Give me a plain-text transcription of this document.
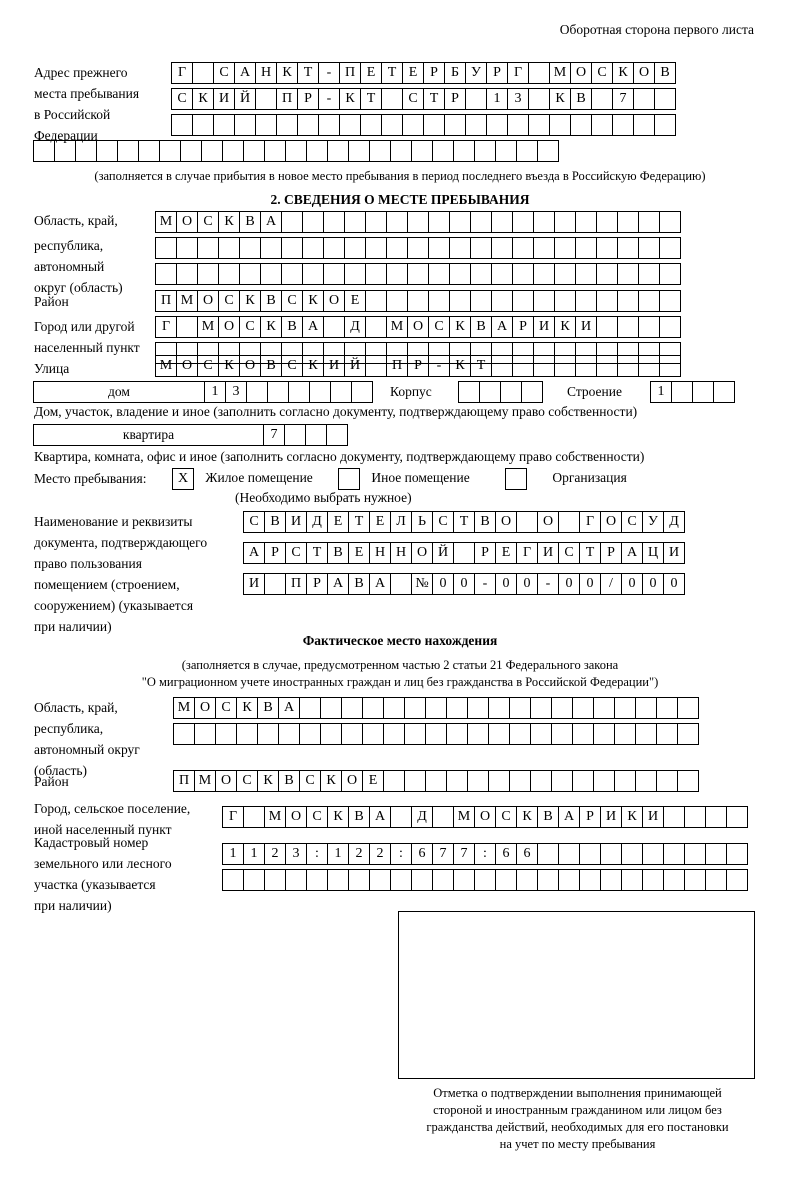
Оборотная сторона первого листа
Адрес прежнего
места пребывания
в Российской
Федерации
Г	С А Н К Т	- П Е Т Е Р Б У Р Г	М О С К О В
С К И Й	П Р	-	К Т	С Т Р	1	3	К В	7
(заполняется в случае прибытия в новое место пребывания в период последнего въезда в Российскую Федерацию)
2. СВЕДЕНИЯ О МЕСТЕ ПРЕБЫВАНИЯ
Область, край,
республика,
автономный
округ (область)
М О С К В А
Район	П М О С К В С К О Е
Город или другой
населенный пункт
Г	М О С К В А	Д	М О С К В А Р И К И
Улица	М О С К О В С К И Й	П Р	-	К Т
дом	1	3	Корпус	Строение	1
Дом, участок, владение и иное (заполнить согласно документу, подтверждающему право собственности)
квартира	7
Квартира, комната, офис и иное (заполнить согласно документу, подтверждающему право собственности)
Место пребывания:	Х Жилое помещение	Иное помещение	Организация
(Необходимо выбрать нужное)
Наименование и реквизиты
документа, подтверждающего
право пользования
помещением (строением,
сооружением) (указывается
при наличии)
С В И Д Е Т Е Л Ь С Т В О	О	Г О С У Д
А Р С Т В Е Н Н О Й	Р Е Г И С Т Р А Ц И
И	П Р А В А	№ 0	0	-	0	0	-	0	0	/	0	0	0
Фактическое место нахождения
(заполняется в случае, предусмотренном частью 2 статьи 21 Федерального закона
"О миграционном учете иностранных граждан и лиц без гражданства в Российской Федерации")
Область, край,
республика,
автономный округ
(область)
М О С К В А
Район	П М О С К В С К О Е
Город, сельское поселение,
иной населенный пункт
Г	М О С К В А	Д	М О С К В А Р И К И
Кадастровый номер
земельного или лесного
участка (указывается
при наличии)
1	1	2	3	:	1	2	2	:	6	7	7	:	6	6
Отметка о подтверждении выполнения принимающей
стороной и иностранным гражданином или лицом без
гражданства действий, необходимых для его постановки
на учет по месту пребывания
